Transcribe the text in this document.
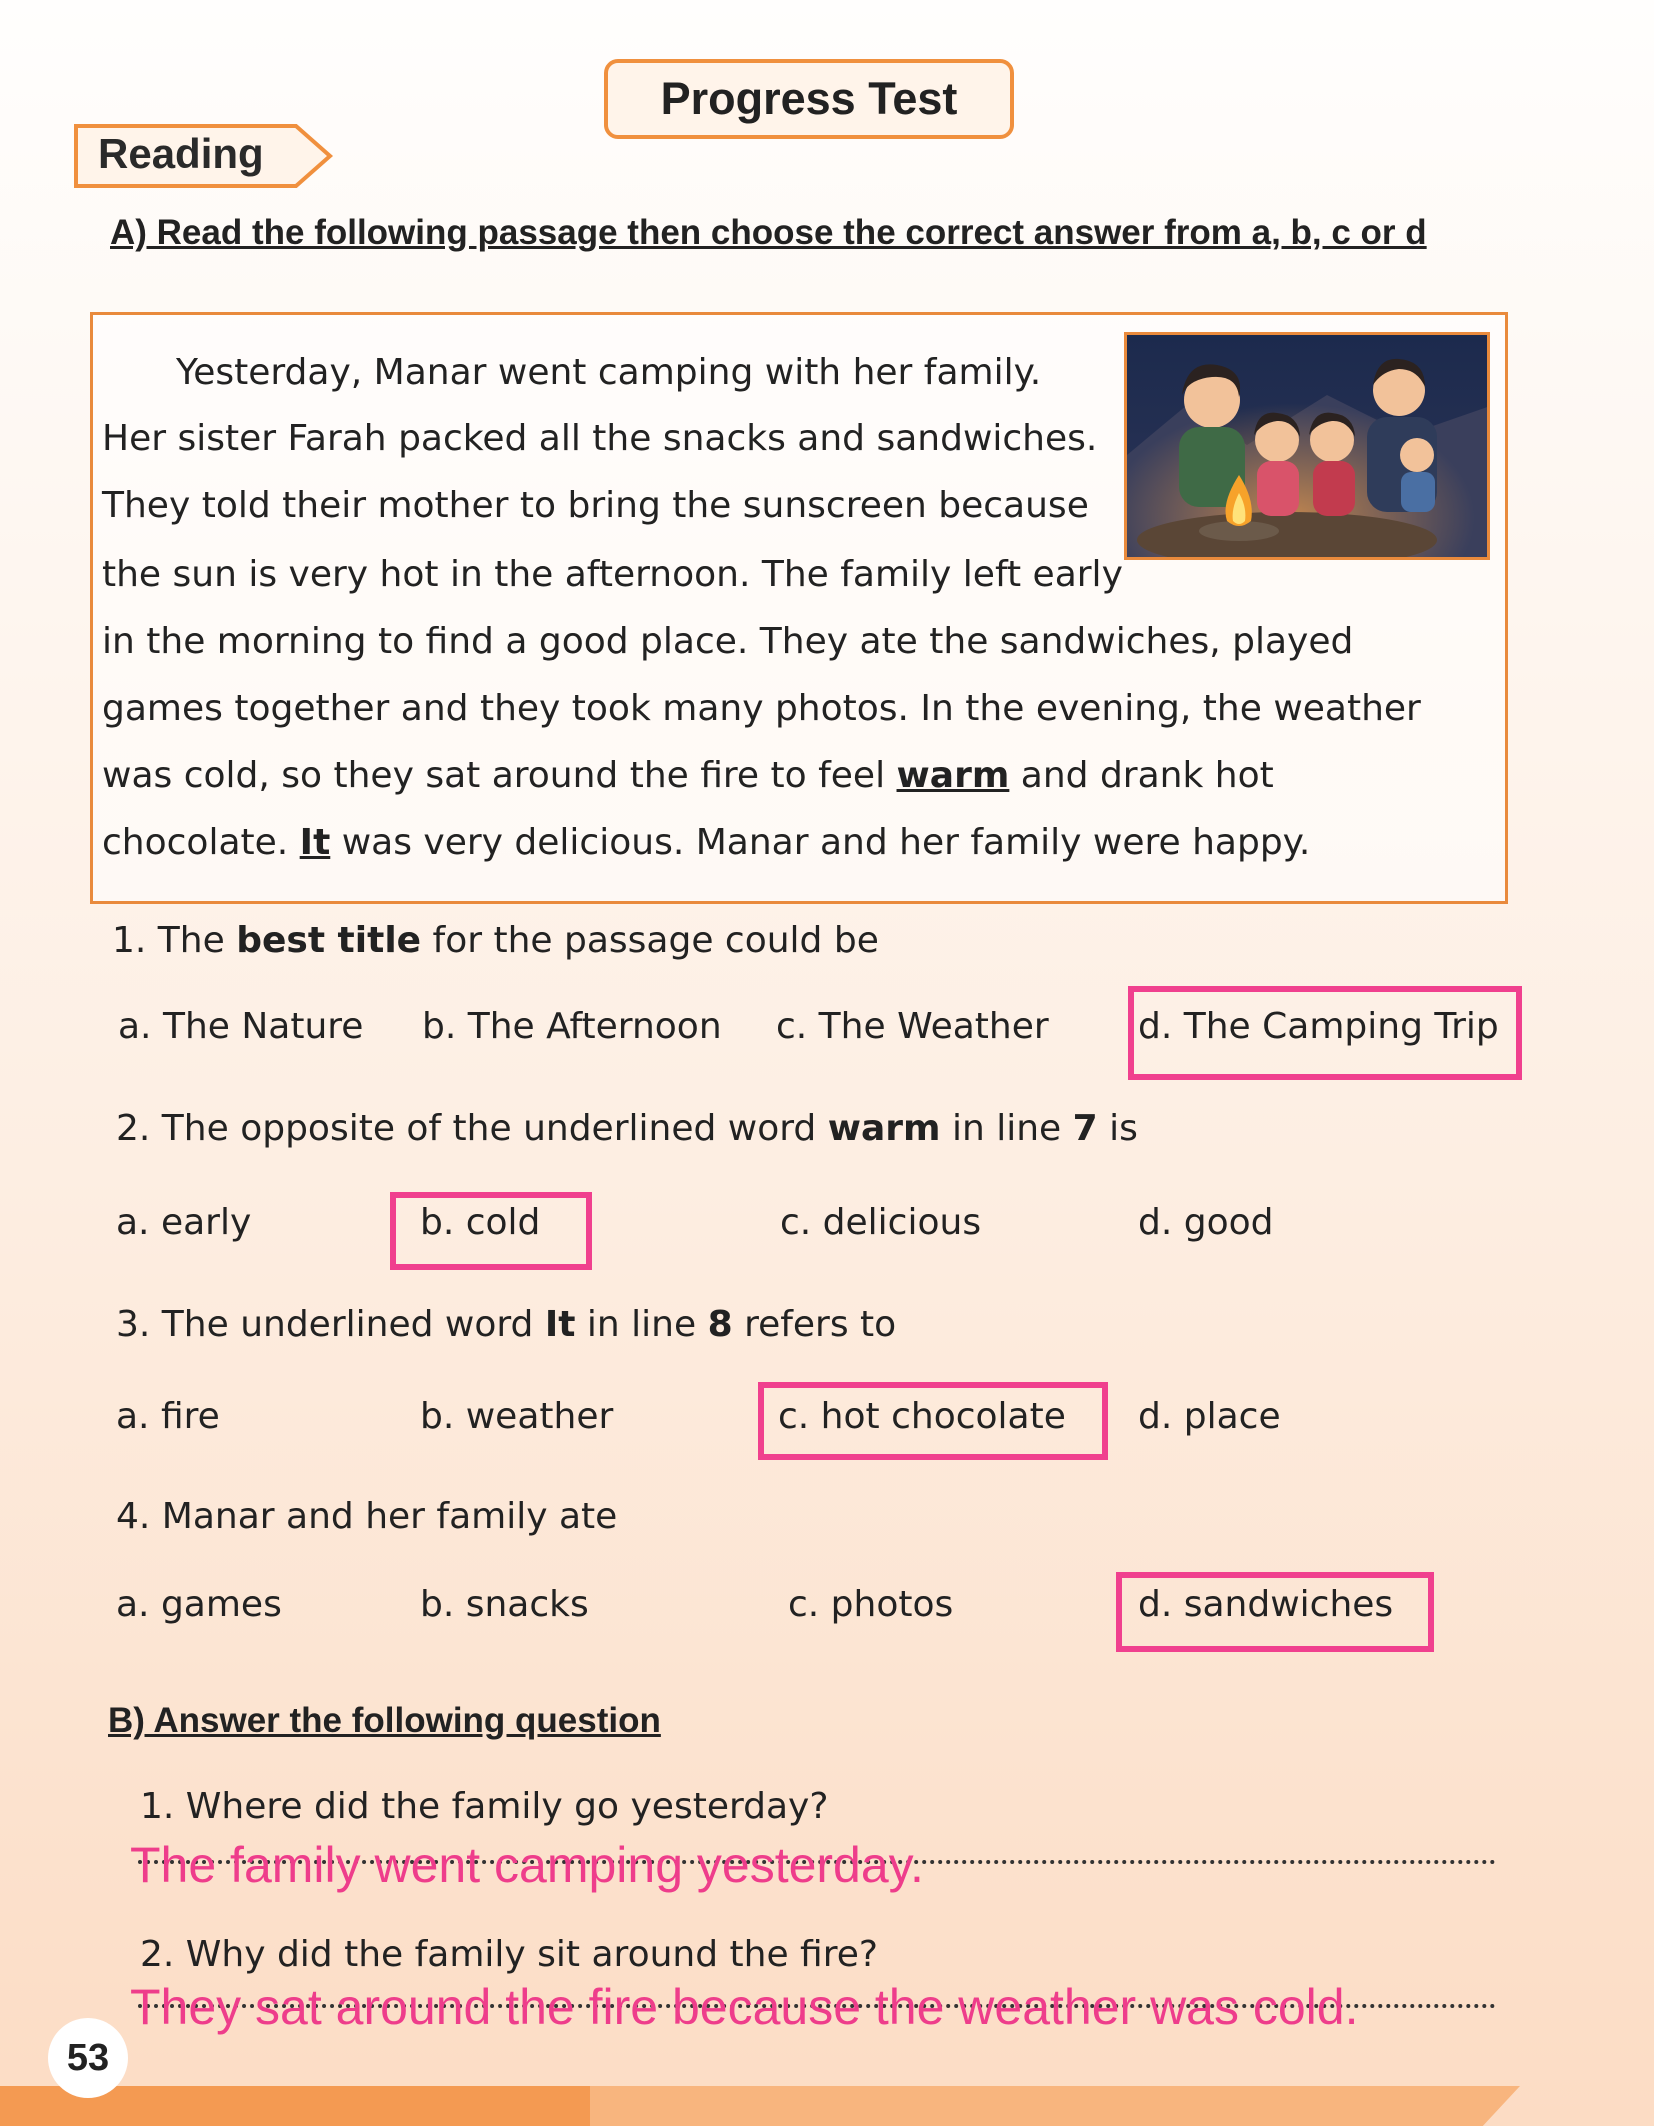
Progress Test
Reading
A) Read the following passage then choose the correct answer from a, b, c or d
Yesterday, Manar went camping with her family.
Her sister Farah packed all the snacks and sandwiches.
They told their mother to bring the sunscreen because
the sun is very hot in the afternoon. The family left early
in the morning to find a good place. They ate the sandwiches, played
games together and they took many photos. In the evening, the weather
was cold, so they sat around the fire to feel warm and drank hot
chocolate. It was very delicious. Manar and her family were happy.
1. The best title for the passage could be
a. The Nature b. The Afternoon c. The Weather d. The Camping Trip
2. The opposite of the underlined word warm in line 7 is
a. early	b. cold	c. delicious	d. good
3. The underlined word It in line 8 refers to
a. fire	b. weather	c. hot chocolate d. place
4. Manar and her family ate
a. games	b. snacks	c. photos	d. sandwiches
B) Answer the following question
1. Where did the family go yesterday?
The family went camping yesterday.
2. Why did the family sit around the fire?
They sat around the fire because the weather was cold.
53
